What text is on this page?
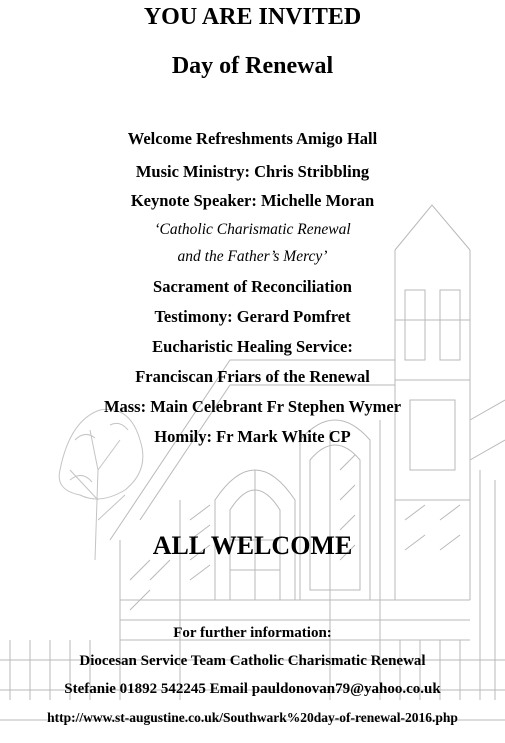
YOU ARE INVITED
Day of Renewal
Welcome Refreshments Amigo Hall
Music Ministry: Chris Stribbling
Keynote Speaker: Michelle Moran
‘Catholic Charismatic Renewal
and the Father’s Mercy’
Sacrament of Reconciliation
Testimony: Gerard Pomfret
Eucharistic Healing Service:
Franciscan Friars of the Renewal
Mass: Main Celebrant Fr Stephen Wymer
Homily: Fr Mark White CP
ALL WELCOME
For further information:
Diocesan Service Team Catholic Charismatic Renewal
Stefanie 01892 542245 Email pauldonovan79@yahoo.co.uk
http://www.st-augustine.co.uk/Southwark%20day-of-renewal-2016.php
